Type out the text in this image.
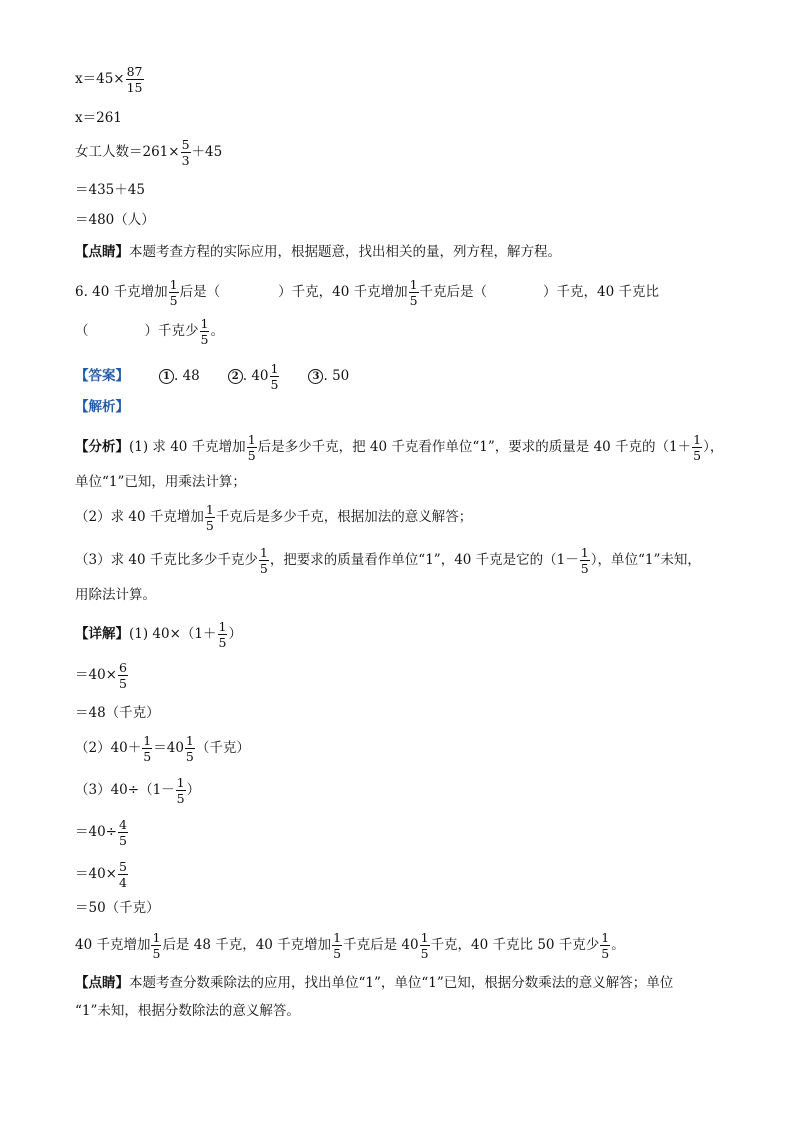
$x=45\times \frac{87}{15}$
x＝261
女工人数$=261\times \frac{5}{3} +45$
＝435＋45
＝480（人）
【点睛】本题考查方程的实际应用，根据题意，找出相关的量，列方程，解方程。
6. 40 千克增加 $\frac{1}{5}$ 后是（	）千克，40 千克增加 $\frac{1}{5}$ 千克后是（	）千克，40 千克比
（	）千克少 $\frac{1}{5}$ 。
【答案】	1 . 48	2 . $40 \frac{1}{5}$	3 . 50
【解析】
【分析】(1) 求 40 千克增加 $\frac{1}{5}$ 后是多少千克，把 40 千克看作单位“1”，要求的质量是 40 千克的（$1+ \frac{1}{5}$ ），
单位“1”已知，用乘法计算；
（2）求 40 千克增加 $\frac{1}{5}$ 千克后是多少千克，根据加法的意义解答；
（3）求 40 千克比多少千克少 $\frac{1}{5}$ ，把要求的质量看作单位“1”，40 千克是它的（$1- \frac{1}{5}$ ），单位“1”未知，
用除法计算。
【详解】(1) $40\times(1+ \frac{1}{5}$ ）
$=40\times \frac{6}{5}$
＝48（千克）
$(2)40+ \frac{1}{5} =40 \frac{1}{5}$ （千克）
$(3)40\div(1- \frac{1}{5}$ ）
$=40\div \frac{4}{5}$
$=40\times \frac{5}{4}$
＝50（千克）
40 千克增加 $\frac{1}{5}$ 后是 48 千克，40 千克增加 $\frac{1}{5}$ 千克后是 $40 \frac{1}{5}$ 千克，40 千克比 50 千克少 $\frac{1}{5}$ 。
【点睛】本题考查分数乘除法的应用，找出单位“1”，单位“1”已知，根据分数乘法的意义解答；单位
“1”未知，根据分数除法的意义解答。
